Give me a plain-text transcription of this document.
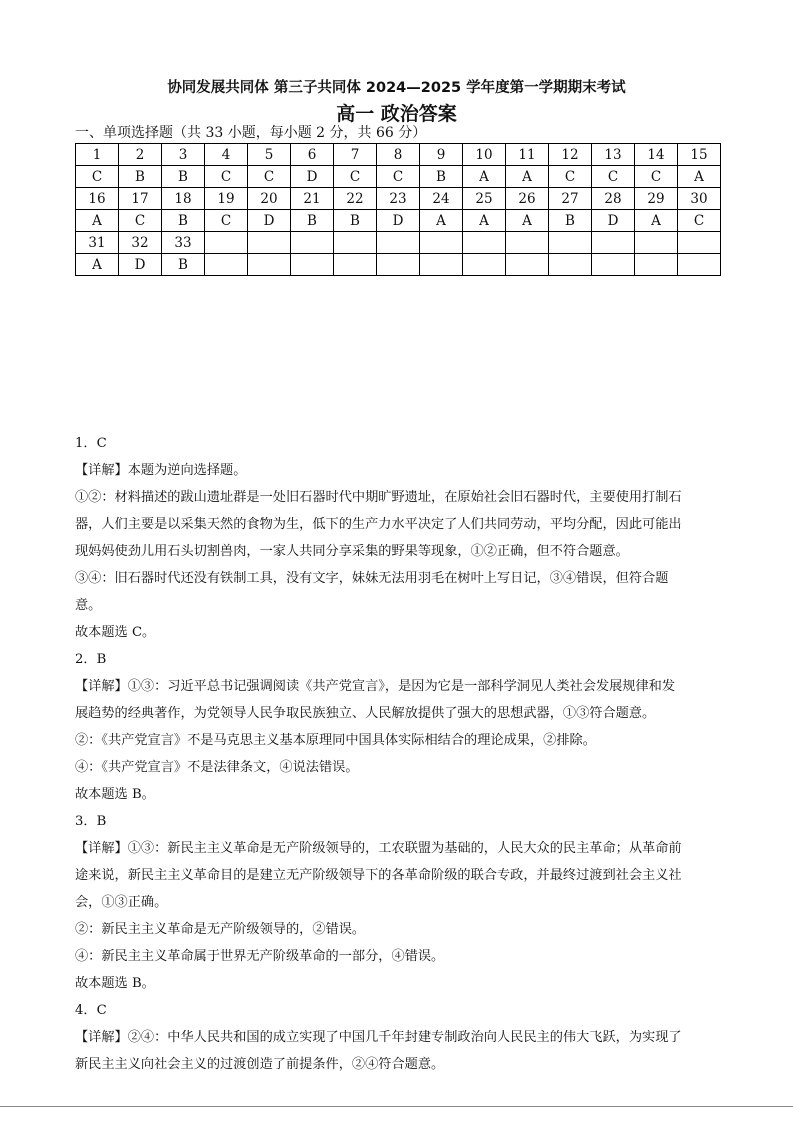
协同发展共同体 第三子共同体 2024—2025 学年度第一学期期末考试
高一 政治答案
一、单项选择题（共 33 小题，每小题 2 分，共 66 分）
1	2	3	4	5	6	7	8	9	10	11	12	13	14	15
C	B	B	C	C	D	C	C	B	A	A	C	C	C	A
16	17	18	19	20	21	22	23	24	25	26	27	28	29	30
A	C	B	C	D	B	B	D	A	A	A	B	D	A	C
31	32	33												
A	D	B												

1．C

【详解】本题为逆向选择题。

①②：材料描述的跋山遗址群是一处旧石器时代中期旷野遗址，在原始社会旧石器时代，主要使用打制石

器，人们主要是以采集天然的食物为生，低下的生产力水平决定了人们共同劳动，平均分配，因此可能出

现妈妈使劲儿用石头切割兽肉，一家人共同分享采集的野果等现象，①②正确，但不符合题意。

③④：旧石器时代还没有铁制工具，没有文字，妹妹无法用羽毛在树叶上写日记，③④错误，但符合题

意。

故本题选 C。

2．B

【详解】①③：习近平总书记强调阅读《共产党宣言》，是因为它是一部科学洞见人类社会发展规律和发

展趋势的经典著作，为党领导人民争取民族独立、人民解放提供了强大的思想武器，①③符合题意。

②：《共产党宣言》不是马克思主义基本原理同中国具体实际相结合的理论成果，②排除。

④：《共产党宣言》不是法律条文，④说法错误。

故本题选 B。

3．B

【详解】①③：新民主主义革命是无产阶级领导的，工农联盟为基础的，人民大众的民主革命；从革命前

途来说，新民主主义革命目的是建立无产阶级领导下的各革命阶级的联合专政，并最终过渡到社会主义社

会，①③正确。

②：新民主主义革命是无产阶级领导的，②错误。

④：新民主主义革命属于世界无产阶级革命的一部分，④错误。

故本题选 B。

4．C

【详解】②④：中华人民共和国的成立实现了中国几千年封建专制政治向人民民主的伟大飞跃，为实现了

新民主主义向社会主义的过渡创造了前提条件，②④符合题意。
